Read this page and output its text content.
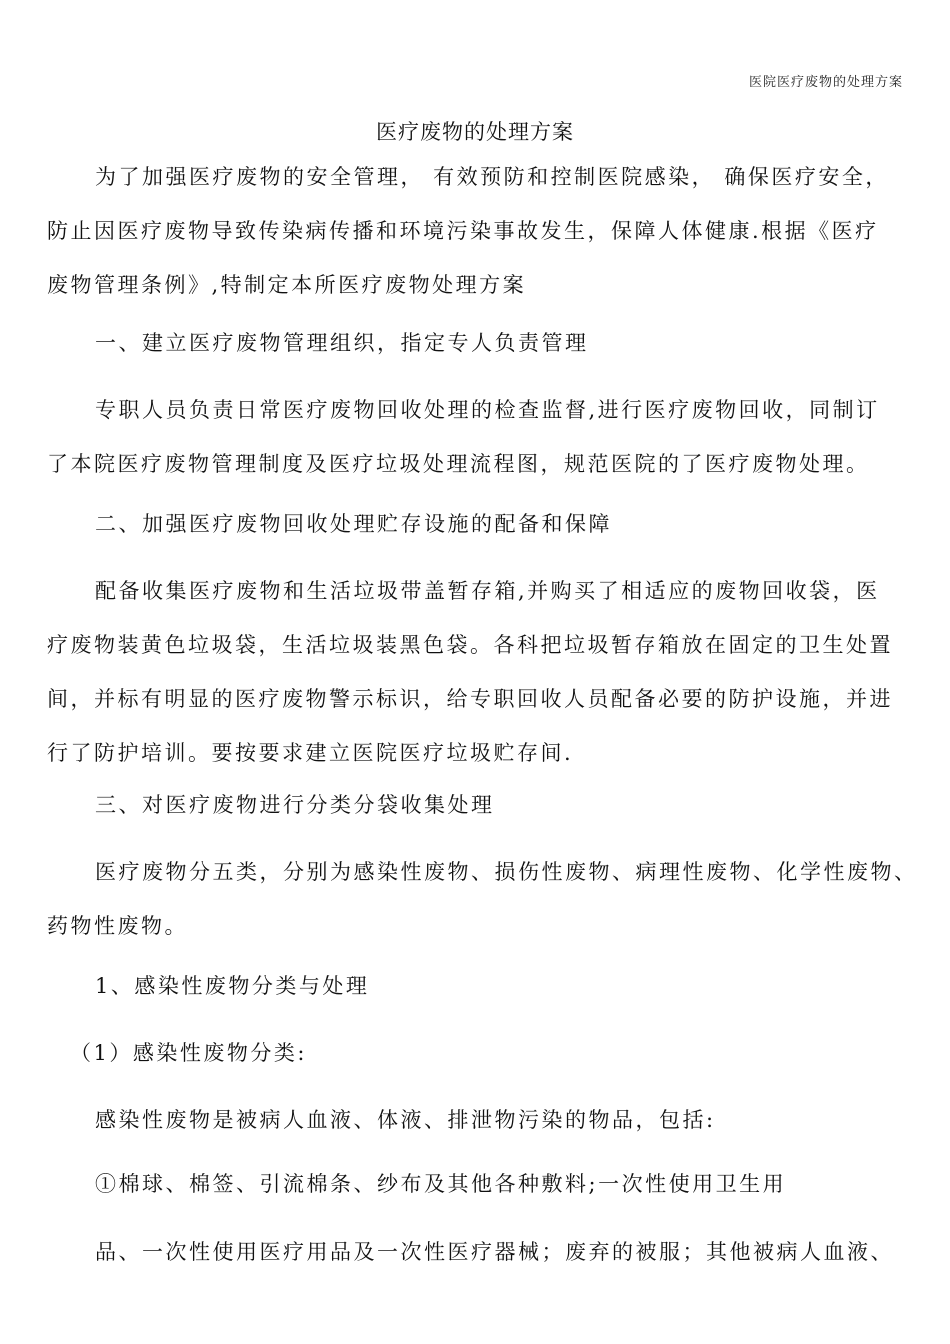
医院医疗废物的处理方案
医疗废物的处理方案
为了加强医疗废物的安全管理， 有效预防和控制医院感染， 确保医疗安全，
防止因医疗废物导致传染病传播和环境污染事故发生，保障人体健康.根据《医疗
废物管理条例》,特制定本所医疗废物处理方案
一、建立医疗废物管理组织，指定专人负责管理
专职人员负责日常医疗废物回收处理的检查监督,进行医疗废物回收，同制订
了本院医疗废物管理制度及医疗垃圾处理流程图，规范医院的了医疗废物处理。
二、加强医疗废物回收处理贮存设施的配备和保障
配备收集医疗废物和生活垃圾带盖暂存箱,并购买了相适应的废物回收袋，医
疗废物装黄色垃圾袋，生活垃圾装黑色袋。各科把垃圾暂存箱放在固定的卫生处置
间，并标有明显的医疗废物警示标识，给专职回收人员配备必要的防护设施，并进
行了防护培训。要按要求建立医院医疗垃圾贮存间.
三、对医疗废物进行分类分袋收集处理
医疗废物分五类，分别为感染性废物、损伤性废物、病理性废物、化学性废物、
药物性废物。
1、感染性废物分类与处理
（1）感染性废物分类:
感染性废物是被病人血液、体液、排泄物污染的物品，包括:
①棉球、棉签、引流棉条、纱布及其他各种敷料;一次性使用卫生用
品、一次性使用医疗用品及一次性医疗器械；废弃的被服；其他被病人血液、
